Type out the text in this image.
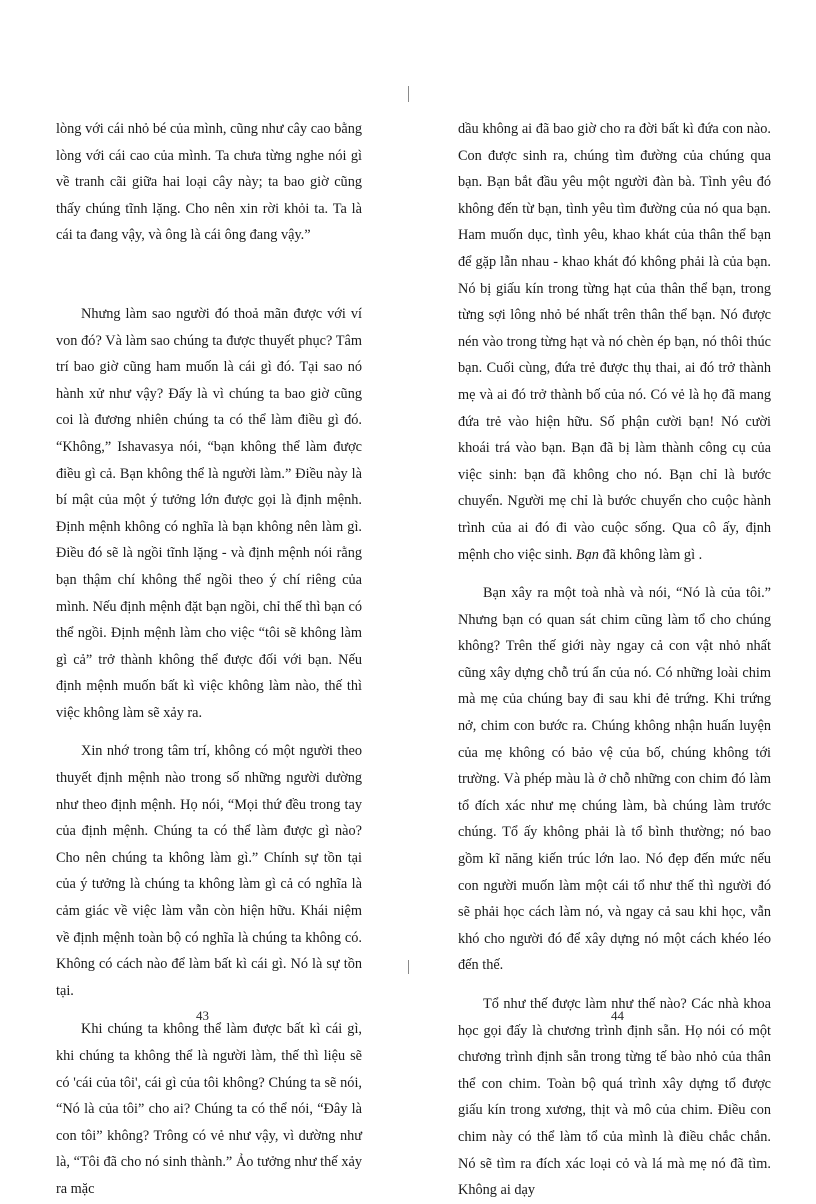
lòng với cái nhỏ bé của mình, cũng như cây cao bằng lòng với cái cao của mình. Ta chưa từng nghe nói gì về tranh cãi giữa hai loại cây này; ta bao giờ cũng thấy chúng tĩnh lặng. Cho nên xin rời khỏi ta. Ta là cái ta đang vậy, và ông là cái ông đang vậy.”

Nhưng làm sao người đó thoả mãn được với ví von đó? Và làm sao chúng ta được thuyết phục? Tâm trí bao giờ cũng ham muốn là cái gì đó. Tại sao nó hành xử như vậy? Đấy là vì chúng ta bao giờ cũng coi là đương nhiên chúng ta có thể làm điều gì đó. “Không,” Ishavasya nói, “bạn không thể làm được điều gì cả. Bạn không thể là người làm.” Điều này là bí mật của một ý tưởng lớn được gọi là định mệnh. Định mệnh không có nghĩa là bạn không nên làm gì. Điều đó sẽ là ngồi tĩnh lặng - và định mệnh nói rằng bạn thậm chí không thể ngồi theo ý chí riêng của mình. Nếu định mệnh đặt bạn ngồi, chỉ thế thì bạn có thể ngồi. Định mệnh làm cho việc “tôi sẽ không làm gì cả” trở thành không thể được đối với bạn. Nếu định mệnh muốn bất kì việc không làm nào, thế thì việc không làm sẽ xảy ra.

Xin nhớ trong tâm trí, không có một người theo thuyết định mệnh nào trong số những người dường như theo định mệnh. Họ nói, “Mọi thứ đều trong tay của định mệnh. Chúng ta có thể làm được gì nào? Cho nên chúng ta không làm gì.” Chính sự tồn tại của ý tưởng là chúng ta không làm gì cả có nghĩa là cảm giác về việc làm vẫn còn hiện hữu. Khái niệm về định mệnh toàn bộ có nghĩa là chúng ta không có. Không có cách nào để làm bất kì cái gì. Nó là sự tồn tại.

Khi chúng ta không thể làm được bất kì cái gì, khi chúng ta không thể là người làm, thế thì liệu sẽ có 'cái của tôi', cái gì của tôi không? Chúng ta sẽ nói, “Nó là của tôi” cho ai? Chúng ta có thể nói, “Đây là con tôi” không? Trông có vẻ như vậy, vì dường như là, “Tôi đã cho nó sinh thành.” Ảo tưởng như thế xảy ra mặc

dầu không ai đã bao giờ cho ra đời bất kì đứa con nào. Con được sinh ra, chúng tìm đường của chúng qua bạn. Bạn bắt đầu yêu một người đàn bà. Tình yêu đó không đến từ bạn, tình yêu tìm đường của nó qua bạn. Ham muốn dục, tình yêu, khao khát của thân thể bạn để gặp lẫn nhau - khao khát đó không phải là của bạn. Nó bị giấu kín trong từng hạt của thân thể bạn, trong từng sợi lông nhỏ bé nhất trên thân thể bạn. Nó được nén vào trong từng hạt và nó chèn ép bạn, nó thôi thúc bạn. Cuối cùng, đứa trẻ được thụ thai, ai đó trở thành mẹ và ai đó trở thành bố của nó. Có vẻ là họ đã mang đứa trẻ vào hiện hữu. Số phận cười bạn! Nó cười khoái trá vào bạn. Bạn đã bị làm thành công cụ của việc sinh: bạn đã không cho nó. Bạn chỉ là bước chuyển. Người mẹ chỉ là bước chuyển cho cuộc hành trình của ai đó đi vào cuộc sống. Qua cô ấy, định mệnh cho việc sinh. Bạn đã không làm gì .

Bạn xây ra một toà nhà và nói, “Nó là của tôi.” Nhưng bạn có quan sát chim cũng làm tổ cho chúng không? Trên thế giới này ngay cả con vật nhỏ nhất cũng xây dựng chỗ trú ẩn của nó. Có những loài chim mà mẹ của chúng bay đi sau khi đẻ trứng. Khi trứng nở, chim con bước ra. Chúng không nhận huấn luyện của mẹ không có bảo vệ của bố, chúng không tới trường. Và phép màu là ở chỗ những con chim đó làm tổ đích xác như mẹ chúng làm, bà chúng làm trước chúng. Tổ ấy không phải là tổ bình thường; nó bao gồm kĩ năng kiến trúc lớn lao. Nó đẹp đến mức nếu con người muốn làm một cái tổ như thế thì người đó sẽ phải học cách làm nó, và ngay cả sau khi học, vẫn khó cho người đó để xây dựng nó một cách khéo léo đến thế.

Tổ như thế được làm như thế nào? Các nhà khoa học gọi đấy là chương trình định sẵn. Họ nói có một chương trình định sẵn trong từng tế bào nhỏ của thân thể con chim. Toàn bộ quá trình xây dựng tổ được giấu kín trong xương, thịt và mô của chim. Điều con chim này có thể làm tổ của mình là điều chắc chắn. Nó sẽ tìm ra đích xác loại cỏ và lá mà mẹ nó đã tìm. Không ai dạy

43	44
